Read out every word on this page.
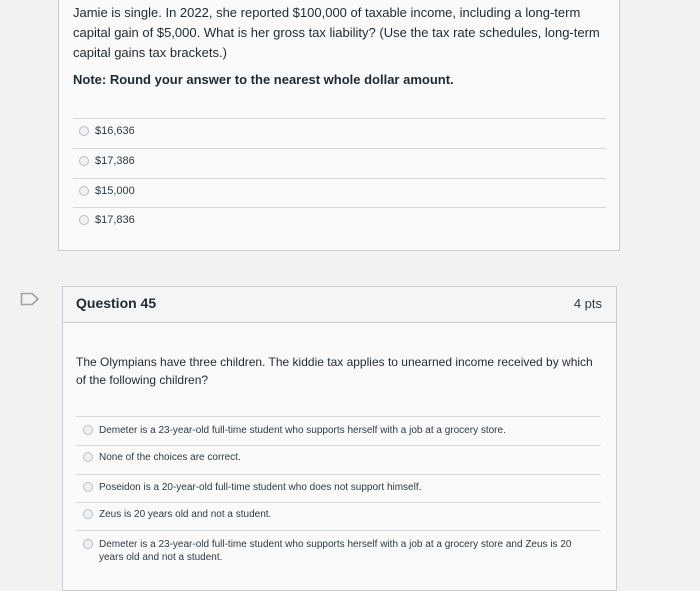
Jamie is single. In 2022, she reported $100,000 of taxable income, including a long-term capital gain of $5,000. What is her gross tax liability? (Use the tax rate schedules, long-term capital gains tax brackets.)
Note: Round your answer to the nearest whole dollar amount.
$16,636
$17,386
$15,000
$17,836
Question 45	4 pts
The Olympians have three children. The kiddie tax applies to unearned income received by which of the following children?
Demeter is a 23-year-old full-time student who supports herself with a job at a grocery store.
None of the choices are correct.
Poseidon is a 20-year-old full-time student who does not support himself.
Zeus is 20 years old and not a student.
Demeter is a 23-year-old full-time student who supports herself with a job at a grocery store and Zeus is 20 years old and not a student.
